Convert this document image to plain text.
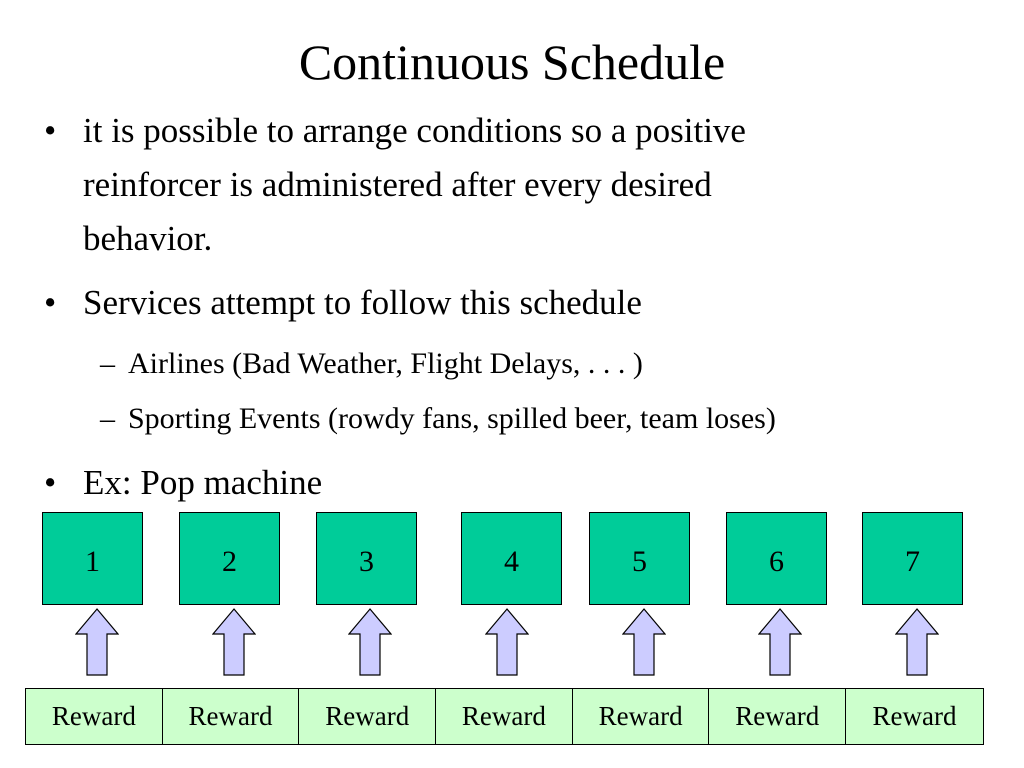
Continuous Schedule
• it is possible to arrange conditions so a positive
reinforcer is administered after every desired
behavior.
• Services attempt to follow this schedule
– Airlines (Bad Weather, Flight Delays, . . . )
– Sporting Events (rowdy fans, spilled beer, team loses)
• Ex: Pop machine
1	2	3	4	5	6	7
Reward	Reward	Reward	Reward	Reward	Reward	Reward
